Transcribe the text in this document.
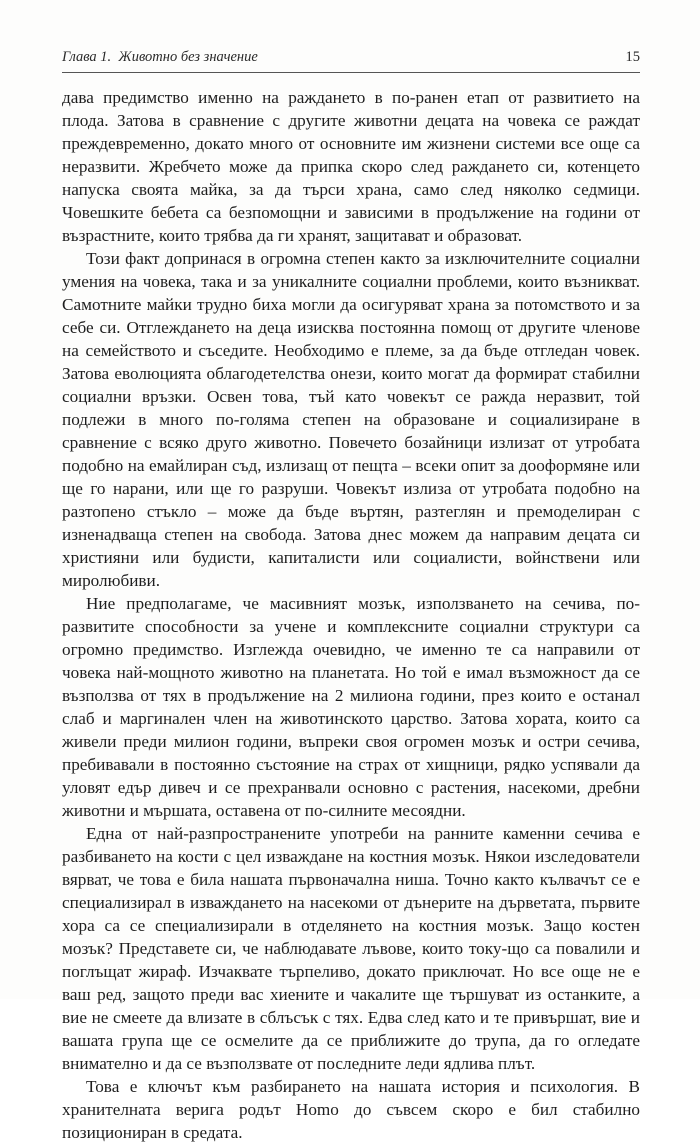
Глава 1. Животно без значение	15

дава предимство именно на раждането в по-ранен етап от развитието на плода. Затова в сравнение с другите животни децата на човека се раждат преждевременно, докато много от основните им жизнени системи все още са неразвити. Жребчето може да припка скоро след раждането си, котенцето напуска своята майка, за да търси храна, само след няколко седмици. Човешките бебета са безпомощни и зависими в продължение на години от възрастните, които трябва да ги хранят, защитават и образоват.

Този факт допринася в огромна степен както за изключителните социални умения на човека, така и за уникалните социални проблеми, които възникват. Самотните майки трудно биха могли да осигуряват храна за потомството и за себе си. Отглеждането на деца изисква постоянна помощ от другите членове на семейството и съседите. Необходимо е племе, за да бъде отгледан човек. Затова еволюцията облагодетелства онези, които могат да формират стабилни социални връзки. Освен това, тъй като човекът се ражда неразвит, той подлежи в много по-голяма степен на образоване и социализиране в сравнение с всяко друго животно. Повечето бозайници излизат от утробата подобно на емайлиран съд, излизащ от пещта – всеки опит за дооформяне или ще го нарани, или ще го разруши. Човекът излиза от утробата подобно на разтопено стъкло – може да бъде въртян, разтеглян и премоделиран с изненадваща степен на свобода. Затова днес можем да направим децата си християни или будисти, капиталисти или социалисти, войнствени или миролюбиви.

Ние предполагаме, че масивният мозък, използването на сечива, по-развитите способности за учене и комплексните социални структури са огромно предимство. Изглежда очевидно, че именно те са направили от човека най-мощното животно на планетата. Но той е имал възможност да се възползва от тях в продължение на 2 милиона години, през които е останал слаб и маргинален член на животинското царство. Затова хората, които са живели преди милион години, въпреки своя огромен мозък и остри сечива, пребивавали в постоянно състояние на страх от хищници, рядко успявали да уловят едър дивеч и се прехранвали основно с растения, насекоми, дребни животни и мършата, оставена от по-силните месоядни.

Една от най-разпространените употреби на ранните каменни сечива е разбиването на кости с цел изваждане на костния мозък. Някои изследователи вярват, че това е била нашата първоначална ниша. Точно както кълвачът се е специализирал в изваждането на насекоми от дънерите на дърветата, първите хора са се специализирали в отделянето на костния мозък. Защо костен мозък? Представете си, че наблюдавате лъвове, които току-що са повалили и поглъщат жираф. Изчаквате търпеливо, докато приключат. Но все още не е ваш ред, защото преди вас хиените и чакалите ще тършуват из останките, а вие не смеете да влизате в сблъсък с тях. Едва след като и те привършат, вие и вашата група ще се осмелите да се приближите до трупа, да го огледате внимателно и да се възползвате от последните леди ядлива плът.

Това е ключът към разбирането на нашата история и психология. В хранителната верига родът Homo до съвсем скоро е бил стабилно позициониран в средата.
